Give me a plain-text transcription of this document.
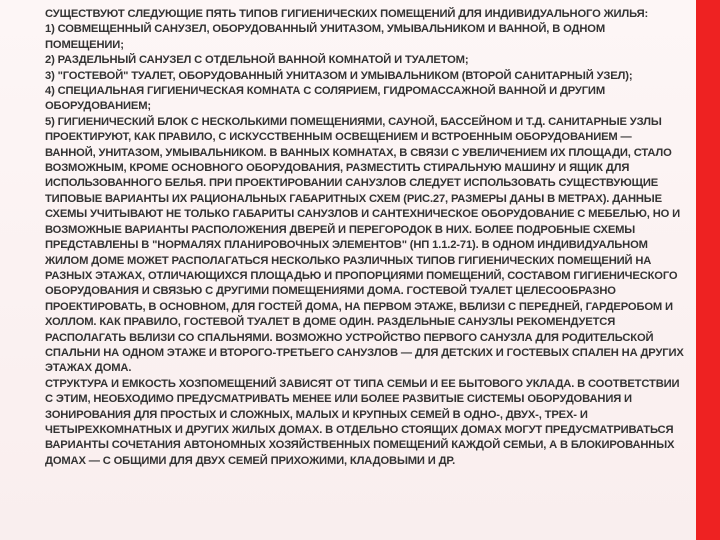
СУЩЕСТВУЮТ СЛЕДУЮЩИЕ ПЯТЬ ТИПОВ ГИГИЕНИЧЕСКИХ ПОМЕЩЕНИЙ ДЛЯ ИНДИВИДУАЛЬНОГО ЖИЛЬЯ:

1) СОВМЕЩЕННЫЙ САНУЗЕЛ, ОБОРУДОВАННЫЙ УНИТАЗОМ, УМЫВАЛЬНИКОМ И ВАННОЙ, В ОДНОМ ПОМЕЩЕНИИ;

2) РАЗДЕЛЬНЫЙ САНУЗЕЛ С ОТДЕЛЬНОЙ ВАННОЙ КОМНАТОЙ И ТУАЛЕТОМ;

3) "ГОСТЕВОЙ" ТУАЛЕТ, ОБОРУДОВАННЫЙ УНИТАЗОМ И УМЫВАЛЬНИКОМ (ВТОРОЙ САНИТАРНЫЙ УЗЕЛ);

4) СПЕЦИАЛЬНАЯ ГИГИЕНИЧЕСКАЯ КОМНАТА С СОЛЯРИЕМ, ГИДРОМАССАЖНОЙ ВАННОЙ И ДРУГИМ ОБОРУДОВАНИЕМ;

5) ГИГИЕНИЧЕСКИЙ БЛОК С НЕСКОЛЬКИМИ ПОМЕЩЕНИЯМИ, САУНОЙ, БАССЕЙНОМ И Т.Д. САНИТАРНЫЕ УЗЛЫ ПРОЕКТИРУЮТ, КАК ПРАВИЛО, С ИСКУССТВЕННЫМ ОСВЕЩЕНИЕМ И ВСТРОЕННЫМ ОБОРУДОВАНИЕМ — ВАННОЙ, УНИТАЗОМ, УМЫВАЛЬНИКОМ. В ВАННЫХ КОМНАТАХ, В СВЯЗИ С УВЕЛИЧЕНИЕМ ИХ ПЛОЩАДИ, СТАЛО ВОЗМОЖНЫМ, КРОМЕ ОСНОВНОГО ОБОРУДОВАНИЯ, РАЗМЕСТИТЬ СТИРАЛЬНУЮ МАШИНУ И ЯЩИК ДЛЯ ИСПОЛЬЗОВАННОГО БЕЛЬЯ. ПРИ ПРОЕКТИРОВАНИИ САНУЗЛОВ СЛЕДУЕТ ИСПОЛЬЗОВАТЬ СУЩЕСТВУЮЩИЕ ТИПОВЫЕ ВАРИАНТЫ ИХ РАЦИОНАЛЬНЫХ ГАБАРИТНЫХ СХЕМ (РИС.27, РАЗМЕРЫ ДАНЫ В МЕТРАХ). ДАННЫЕ СХЕМЫ УЧИТЫВАЮТ НЕ ТОЛЬКО ГАБАРИТЫ САНУЗЛОВ И САНТЕХНИЧЕСКОЕ ОБОРУДОВАНИЕ С МЕБЕЛЬЮ, НО И ВОЗМОЖНЫЕ ВАРИАНТЫ РАСПОЛОЖЕНИЯ ДВЕРЕЙ И ПЕРЕГОРОДОК В НИХ. БОЛЕЕ ПОДРОБНЫЕ СХЕМЫ ПРЕДСТАВЛЕНЫ В "НОРМАЛЯХ ПЛАНИРОВОЧНЫХ ЭЛЕМЕНТОВ" (НП 1.1.2-71). В ОДНОМ ИНДИВИДУАЛЬНОМ ЖИЛОМ ДОМЕ МОЖЕТ РАСПОЛАГАТЬСЯ НЕСКОЛЬКО РАЗЛИЧНЫХ ТИПОВ ГИГИЕНИЧЕСКИХ ПОМЕЩЕНИЙ НА РАЗНЫХ ЭТАЖАХ, ОТЛИЧАЮЩИХСЯ ПЛОЩАДЬЮ И ПРОПОРЦИЯМИ ПОМЕЩЕНИЙ, СОСТАВОМ ГИГИЕНИЧЕСКОГО ОБОРУДОВАНИЯ И СВЯЗЬЮ С ДРУГИМИ ПОМЕЩЕНИЯМИ ДОМА. ГОСТЕВОЙ ТУАЛЕТ ЦЕЛЕСООБРАЗНО ПРОЕКТИРОВАТЬ, В ОСНОВНОМ, ДЛЯ ГОСТЕЙ ДОМА, НА ПЕРВОМ ЭТАЖЕ, ВБЛИЗИ С ПЕРЕДНЕЙ, ГАРДЕРОБОМ И ХОЛЛОМ. КАК ПРАВИЛО, ГОСТЕВОЙ ТУАЛЕТ В ДОМЕ ОДИН. РАЗДЕЛЬНЫЕ САНУЗЛЫ РЕКОМЕНДУЕТСЯ РАСПОЛАГАТЬ ВБЛИЗИ СО СПАЛЬНЯМИ. ВОЗМОЖНО УСТРОЙСТВО ПЕРВОГО САНУЗЛА ДЛЯ РОДИТЕЛЬСКОЙ СПАЛЬНИ НА ОДНОМ ЭТАЖЕ И ВТОРОГО-ТРЕТЬЕГО САНУЗЛОВ — ДЛЯ ДЕТСКИХ И ГОСТЕВЫХ СПАЛЕН НА ДРУГИХ ЭТАЖАХ ДОМА.

СТРУКТУРА И ЕМКОСТЬ ХОЗПОМЕЩЕНИЙ ЗАВИСЯТ ОТ ТИПА СЕМЬИ И ЕЕ БЫТОВОГО УКЛАДА. В СООТВЕТСТВИИ С ЭТИМ, НЕОБХОДИМО ПРЕДУСМАТРИВАТЬ МЕНЕЕ ИЛИ БОЛЕЕ РАЗВИТЫЕ СИСТЕМЫ ОБОРУДОВАНИЯ И ЗОНИРОВАНИЯ ДЛЯ ПРОСТЫХ И СЛОЖНЫХ, МАЛЫХ И КРУПНЫХ СЕМЕЙ В ОДНО-, ДВУХ-, ТРЕХ- И ЧЕТЫРЕХКОМНАТНЫХ И ДРУГИХ ЖИЛЫХ ДОМАХ. В ОТДЕЛЬНО СТОЯЩИХ ДОМАХ МОГУТ ПРЕДУСМАТРИВАТЬСЯ ВАРИАНТЫ СОЧЕТАНИЯ АВТОНОМНЫХ ХОЗЯЙСТВЕННЫХ ПОМЕЩЕНИЙ КАЖДОЙ СЕМЬИ, А В БЛОКИРОВАННЫХ ДОМАХ — С ОБЩИМИ ДЛЯ ДВУХ СЕМЕЙ ПРИХОЖИМИ, КЛАДОВЫМИ И ДР.
